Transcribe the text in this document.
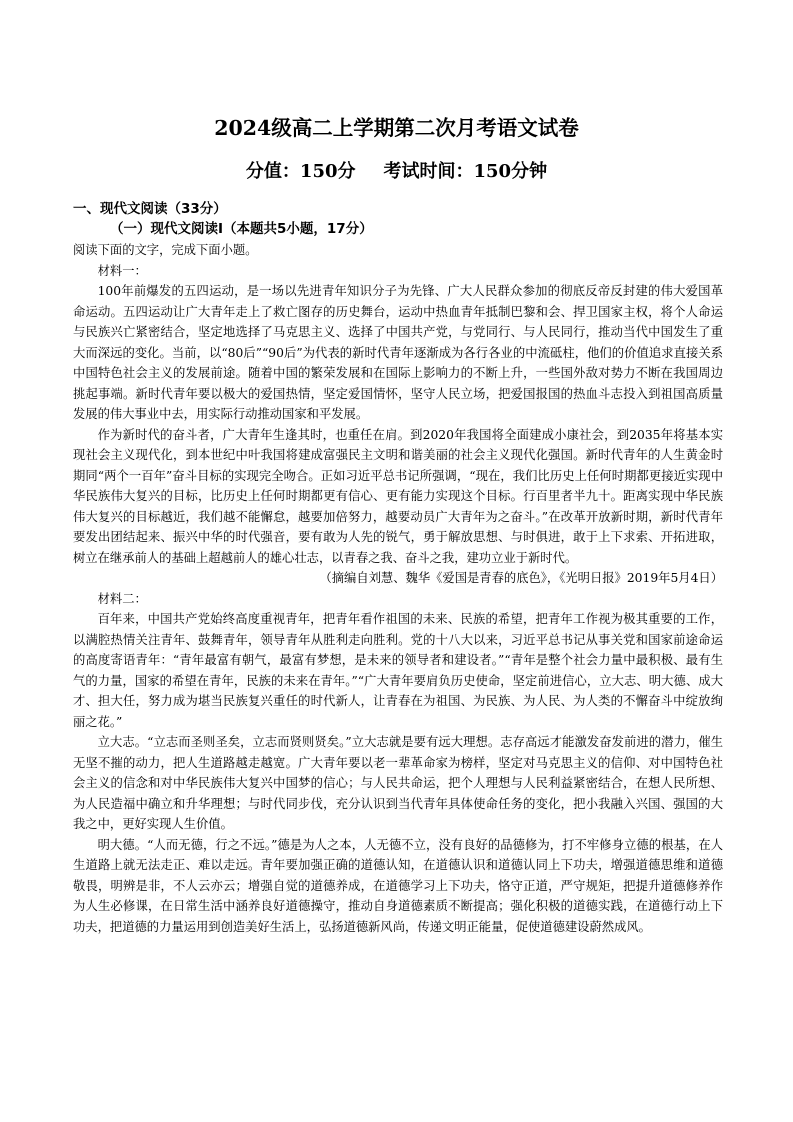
2024级高二上学期第二次月考语文试卷
分值：150分 考试时间：150分钟
一、现代文阅读（33分）
（一）现代文阅读Ⅰ（本题共5小题，17分）

阅读下面的文字，完成下面小题。

材料一：

100年前爆发的五四运动，是一场以先进青年知识分子为先锋、广大人民群众参加的彻底反帝反封建的伟大爱国革命运动。五四运动让广大青年走上了救亡图存的历史舞台，运动中热血青年抵制巴黎和会、捍卫国家主权，将个人命运与民族兴亡紧密结合，坚定地选择了马克思主义、选择了中国共产党，与党同行、与人民同行，推动当代中国发生了重大而深远的变化。当前，以“80后”“90后”为代表的新时代青年逐渐成为各行各业的中流砥柱，他们的价值追求直接关系中国特色社会主义的发展前途。随着中国的繁荣发展和在国际上影响力的不断上升，一些国外敌对势力不断在我国周边挑起事端。新时代青年要以极大的爱国热情，坚定爱国情怀，坚守人民立场，把爱国报国的热血斗志投入到祖国高质量发展的伟大事业中去，用实际行动推动国家和平发展。

作为新时代的奋斗者，广大青年生逢其时，也重任在肩。到2020年我国将全面建成小康社会，到2035年将基本实现社会主义现代化，到本世纪中叶我国将建成富强民主文明和谐美丽的社会主义现代化强国。新时代青年的人生黄金时期同“两个一百年”奋斗目标的实现完全吻合。正如习近平总书记所强调，“现在，我们比历史上任何时期都更接近实现中华民族伟大复兴的目标，比历史上任何时期都更有信心、更有能力实现这个目标。行百里者半九十。距离实现中华民族伟大复兴的目标越近，我们越不能懈怠，越要加倍努力，越要动员广大青年为之奋斗。”在改革开放新时期，新时代青年要发出团结起来、振兴中华的时代强音，要有敢为人先的锐气，勇于解放思想、与时俱进，敢于上下求索、开拓进取，树立在继承前人的基础上超越前人的雄心壮志，以青春之我、奋斗之我，建功立业于新时代。

（摘编自刘慧、魏华《爱国是青春的底色》，《光明日报》2019年5月4日）

材料二：

百年来，中国共产党始终高度重视青年，把青年看作祖国的未来、民族的希望，把青年工作视为极其重要的工作，以满腔热情关注青年、鼓舞青年，领导青年从胜利走向胜利。党的十八大以来，习近平总书记从事关党和国家前途命运的高度寄语青年：“青年最富有朝气，最富有梦想，是未来的领导者和建设者。”“青年是整个社会力量中最积极、最有生气的力量，国家的希望在青年，民族的未来在青年。”“广大青年要肩负历史使命，坚定前进信心，立大志、明大德、成大才、担大任，努力成为堪当民族复兴重任的时代新人，让青春在为祖国、为民族、为人民、为人类的不懈奋斗中绽放绚丽之花。”

立大志。“立志而圣则圣矣，立志而贤则贤矣。”立大志就是要有远大理想。志存高远才能激发奋发前进的潜力，催生无坚不摧的动力，把人生道路越走越宽。广大青年要以老一辈革命家为榜样，坚定对马克思主义的信仰、对中国特色社会主义的信念和对中华民族伟大复兴中国梦的信心；与人民共命运，把个人理想与人民利益紧密结合，在想人民所想、为人民造福中确立和升华理想；与时代同步伐，充分认识到当代青年具体使命任务的变化，把小我融入兴国、强国的大我之中，更好实现人生价值。

明大德。“人而无德，行之不远。”德是为人之本，人无德不立，没有良好的品德修为，打不牢修身立德的根基，在人生道路上就无法走正、难以走远。青年要加强正确的道德认知，在道德认识和道德认同上下功夫，增强道德思维和道德敬畏，明辨是非，不人云亦云；增强自觉的道德养成，在道德学习上下功夫，恪守正道，严守规矩，把提升道德修养作为人生必修课，在日常生活中涵养良好道德操守，推动自身道德素质不断提高；强化积极的道德实践，在道德行动上下功夫，把道德的力量运用到创造美好生活上，弘扬道德新风尚，传递文明正能量，促使道德建设蔚然成风。
